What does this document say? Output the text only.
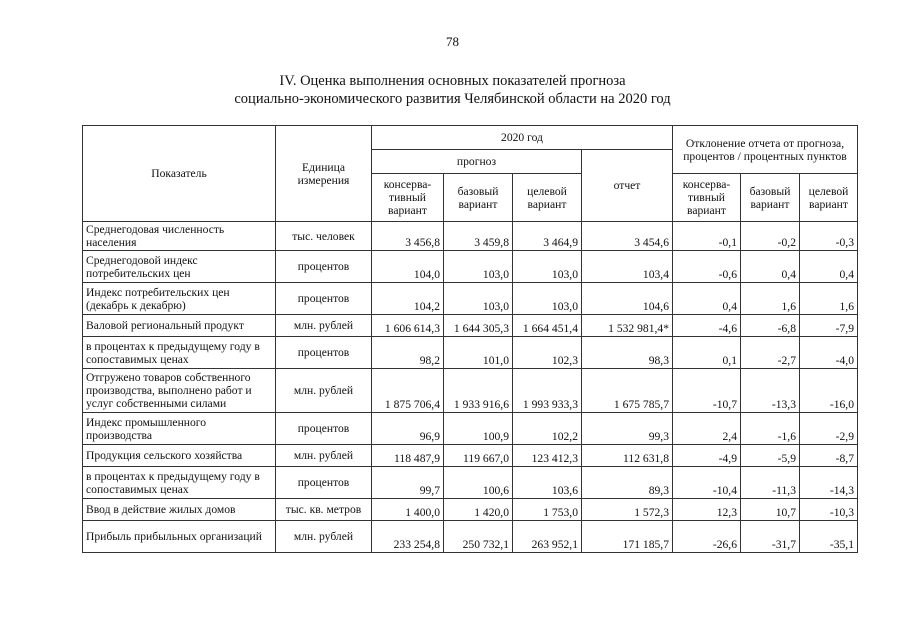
78
IV. Оценка выполнения основных показателей прогноза
социально-экономического развития Челябинской области на 2020 год
Показатель	Единица измерения	2020 год				Отклонение отчета от прогноза, процентов / процентных пунктов		
		прогноз			отчет			
		консерва-тивный вариант	базовый вариант	целевой вариант		консерва-тивный вариант	базовый вариант	целевой вариант
Среднегодовая численность населения	тыс. человек	3 456,8	3 459,8	3 464,9	3 454,6	-0,1	-0,2	-0,3
Среднегодовой индекс потребительских цен	процентов	104,0	103,0	103,0	103,4	-0,6	0,4	0,4
Индекс потребительских цен (декабрь к декабрю)	процентов	104,2	103,0	103,0	104,6	0,4	1,6	1,6
Валовой региональный продукт	млн. рублей	1 606 614,3	1 644 305,3	1 664 451,4	1 532 981,4*	-4,6	-6,8	-7,9
в процентах к предыдущему году в сопоставимых ценах	процентов	98,2	101,0	102,3	98,3	0,1	-2,7	-4,0
Отгружено товаров собственного производства, выполнено работ и услуг собственными силами	млн. рублей	1 875 706,4	1 933 916,6	1 993 933,3	1 675 785,7	-10,7	-13,3	-16,0
Индекс промышленного производства	процентов	96,9	100,9	102,2	99,3	2,4	-1,6	-2,9
Продукция сельского хозяйства	млн. рублей	118 487,9	119 667,0	123 412,3	112 631,8	-4,9	-5,9	-8,7
в процентах к предыдущему году в сопоставимых ценах	процентов	99,7	100,6	103,6	89,3	-10,4	-11,3	-14,3
Ввод в действие жилых домов	тыс. кв. метров	1 400,0	1 420,0	1 753,0	1 572,3	12,3	10,7	-10,3
Прибыль прибыльных организаций	млн. рублей	233 254,8	250 732,1	263 952,1	171 185,7	-26,6	-31,7	-35,1
